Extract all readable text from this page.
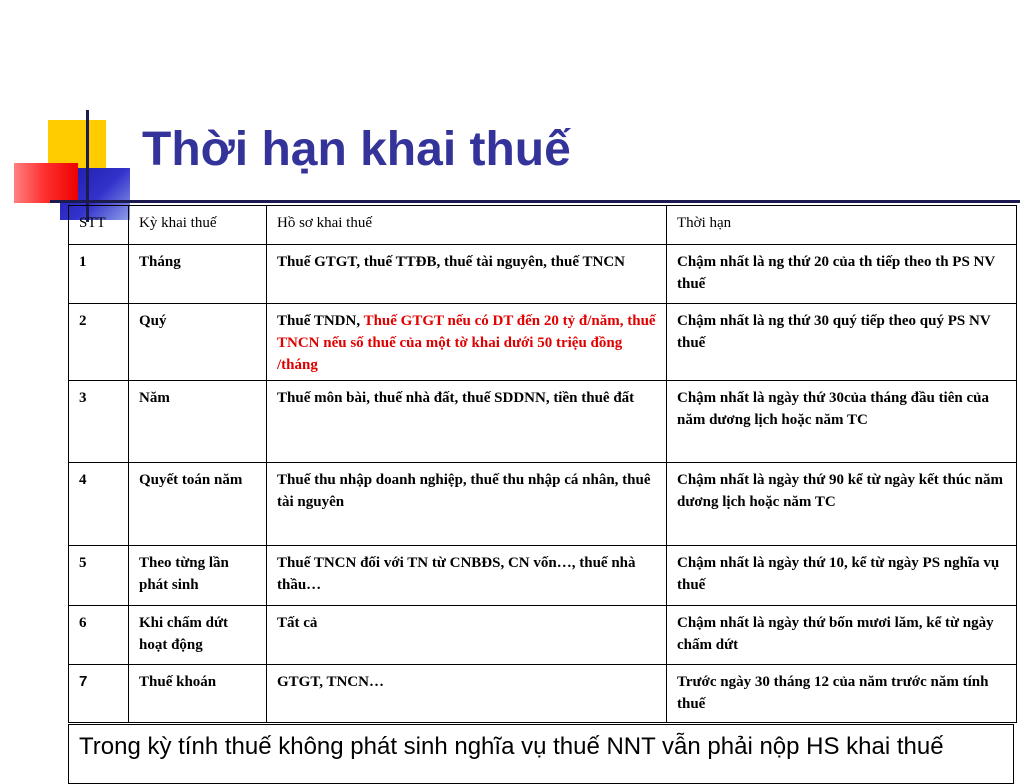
Thời hạn khai thuế
STT	Kỳ khai thuế	Hồ sơ khai thuế	Thời hạn
1	Tháng	Thuế GTGT, thuế TTĐB, thuế tài nguyên, thuế TNCN	Chậm nhất là ng thứ 20 của th tiếp theo th PS NV thuế
2	Quý	Thuế TNDN, Thuế GTGT nếu có DT đến 20 tỷ đ/năm, thuế TNCN nếu số thuế của một tờ khai dưới 50 triệu đồng /tháng	Chậm nhất là ng thứ 30 quý tiếp theo quý PS NV thuế
3	Năm	Thuế môn bài, thuế nhà đất, thuế SDDNN, tiền thuê đất	Chậm nhất là ngày thứ 30của tháng đầu tiên của năm dương lịch hoặc năm TC
4	Quyết toán năm	Thuế thu nhập doanh nghiệp, thuế thu nhập cá nhân, thuê tài nguyên	Chậm nhất là ngày thứ 90 kể từ ngày kết thúc năm dương lịch hoặc năm TC
5	Theo từng lần phát sinh	Thuế TNCN đối với TN từ CNBĐS, CN vốn…, thuế nhà thầu…	Chậm nhất là ngày thứ 10, kể từ ngày PS nghĩa vụ thuế
6	Khi chấm dứt hoạt động	Tất cả	Chậm nhất là ngày thứ bốn mươi lăm, kể từ ngày chấm dứt
7	Thuế khoán	GTGT, TNCN…	Trước ngày 30 tháng 12 của năm trước năm tính thuế
Trong kỳ tính thuế không phát sinh nghĩa vụ thuế NNT vẫn phải nộp HS khai thuế
